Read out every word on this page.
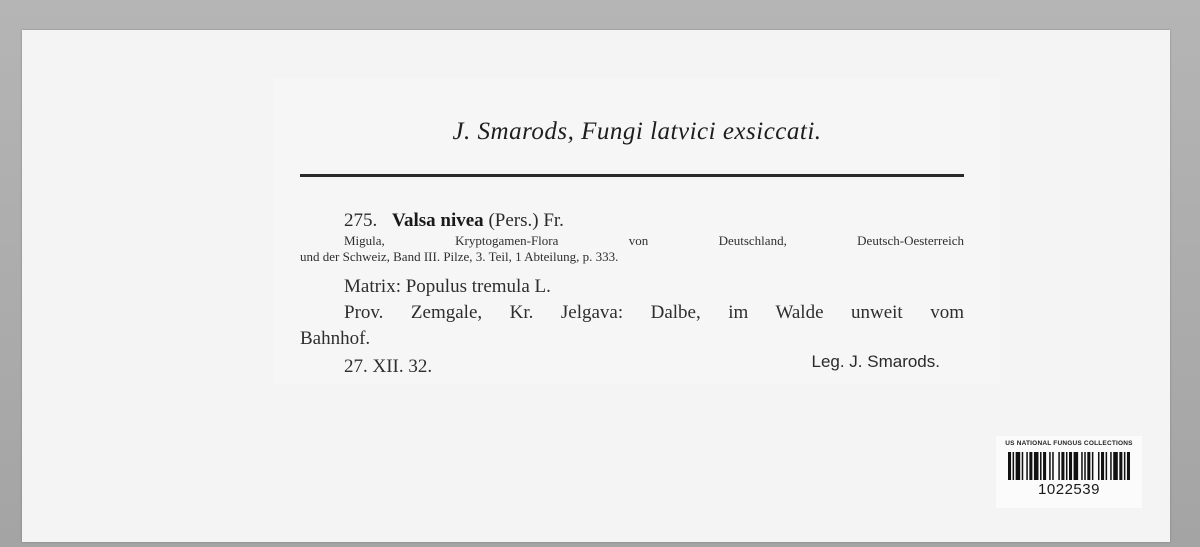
J. Smarods, Fungi latvici exsiccati.
275. Valsa nivea (Pers.) Fr.
Migula, Kryptogamen-Flora von Deutschland, Deutsch-Oesterreich
und der Schweiz, Band III. Pilze, 3. Teil, 1 Abteilung, p. 333.
Matrix: Populus tremula L.
Prov. Zemgale, Kr. Jelgava: Dalbe, im Walde unweit vom
Bahnhof.
27. XII. 32.	Leg. J. Smarods.
US NATIONAL FUNGUS COLLECTIONS
1022539
